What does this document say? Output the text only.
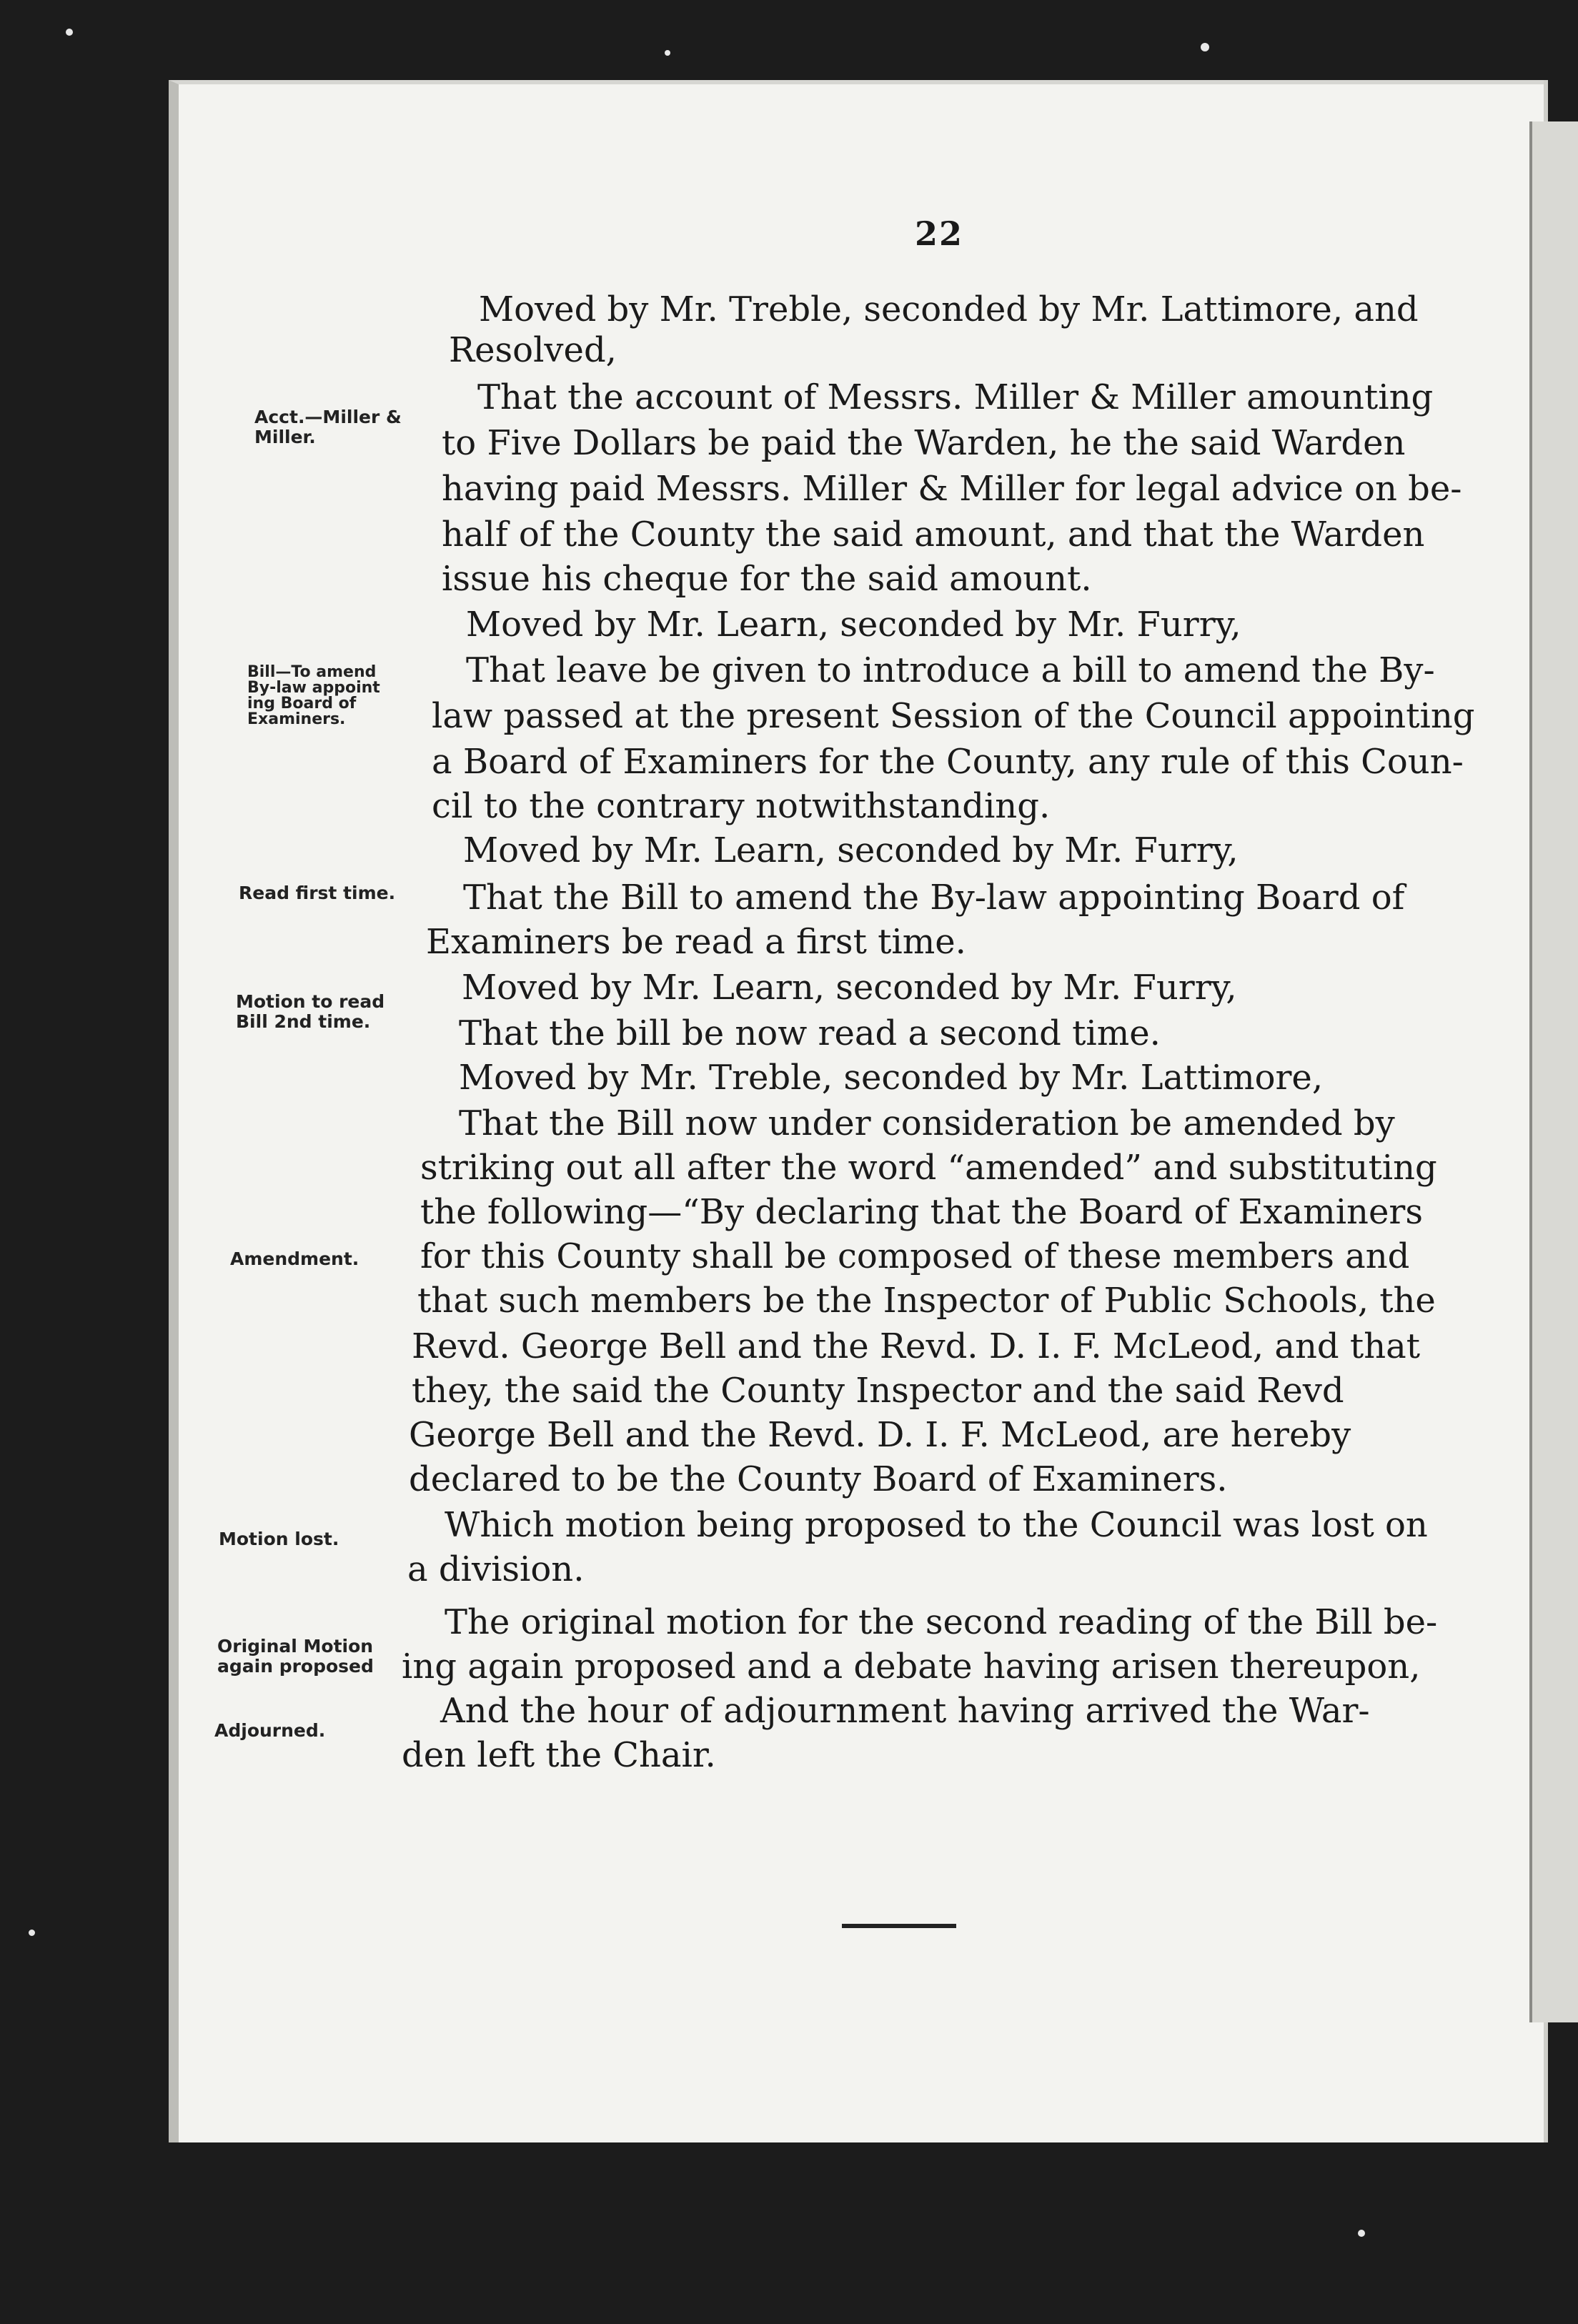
22
Moved by Mr. Treble, seconded by Mr. Lattimore, and
Resolved,
That the account of Messrs. Miller & Miller amounting
to Five Dollars be paid the Warden, he the said Warden
having paid Messrs. Miller & Miller for legal advice on be-
half of the County the said amount, and that the Warden
issue his cheque for the said amount.
Moved by Mr. Learn, seconded by Mr. Furry,
That leave be given to introduce a bill to amend the By-
law passed at the present Session of the Council appointing
a Board of Examiners for the County, any rule of this Coun-
cil to the contrary notwithstanding.
Moved by Mr. Learn, seconded by Mr. Furry,
That the Bill to amend the By-law appointing Board of
Examiners be read a first time.
Moved by Mr. Learn, seconded by Mr. Furry,
That the bill be now read a second time.
Moved by Mr. Treble, seconded by Mr. Lattimore,
That the Bill now under consideration be amended by
striking out all after the word “amended” and substituting
the following—“By declaring that the Board of Examiners
for this County shall be composed of these members and
that such members be the Inspector of Public Schools, the
Revd. George Bell and the Revd. D. I. F. McLeod, and that
they, the said the County Inspector and the said Revd
George Bell and the Revd. D. I. F. McLeod, are hereby
declared to be the County Board of Examiners.
Which motion being proposed to the Council was lost on
a division.
The original motion for the second reading of the Bill be-
ing again proposed and a debate having arisen thereupon,
And the hour of adjournment having arrived the War-
den left the Chair.
Acct.—Miller &
Miller.
Bill—To amend
By-law appoint
ing Board of
Examiners.
Read first time.
Motion to read
Bill 2nd time.
Amendment.
Motion lost.
Original Motion
again proposed
Adjourned.
